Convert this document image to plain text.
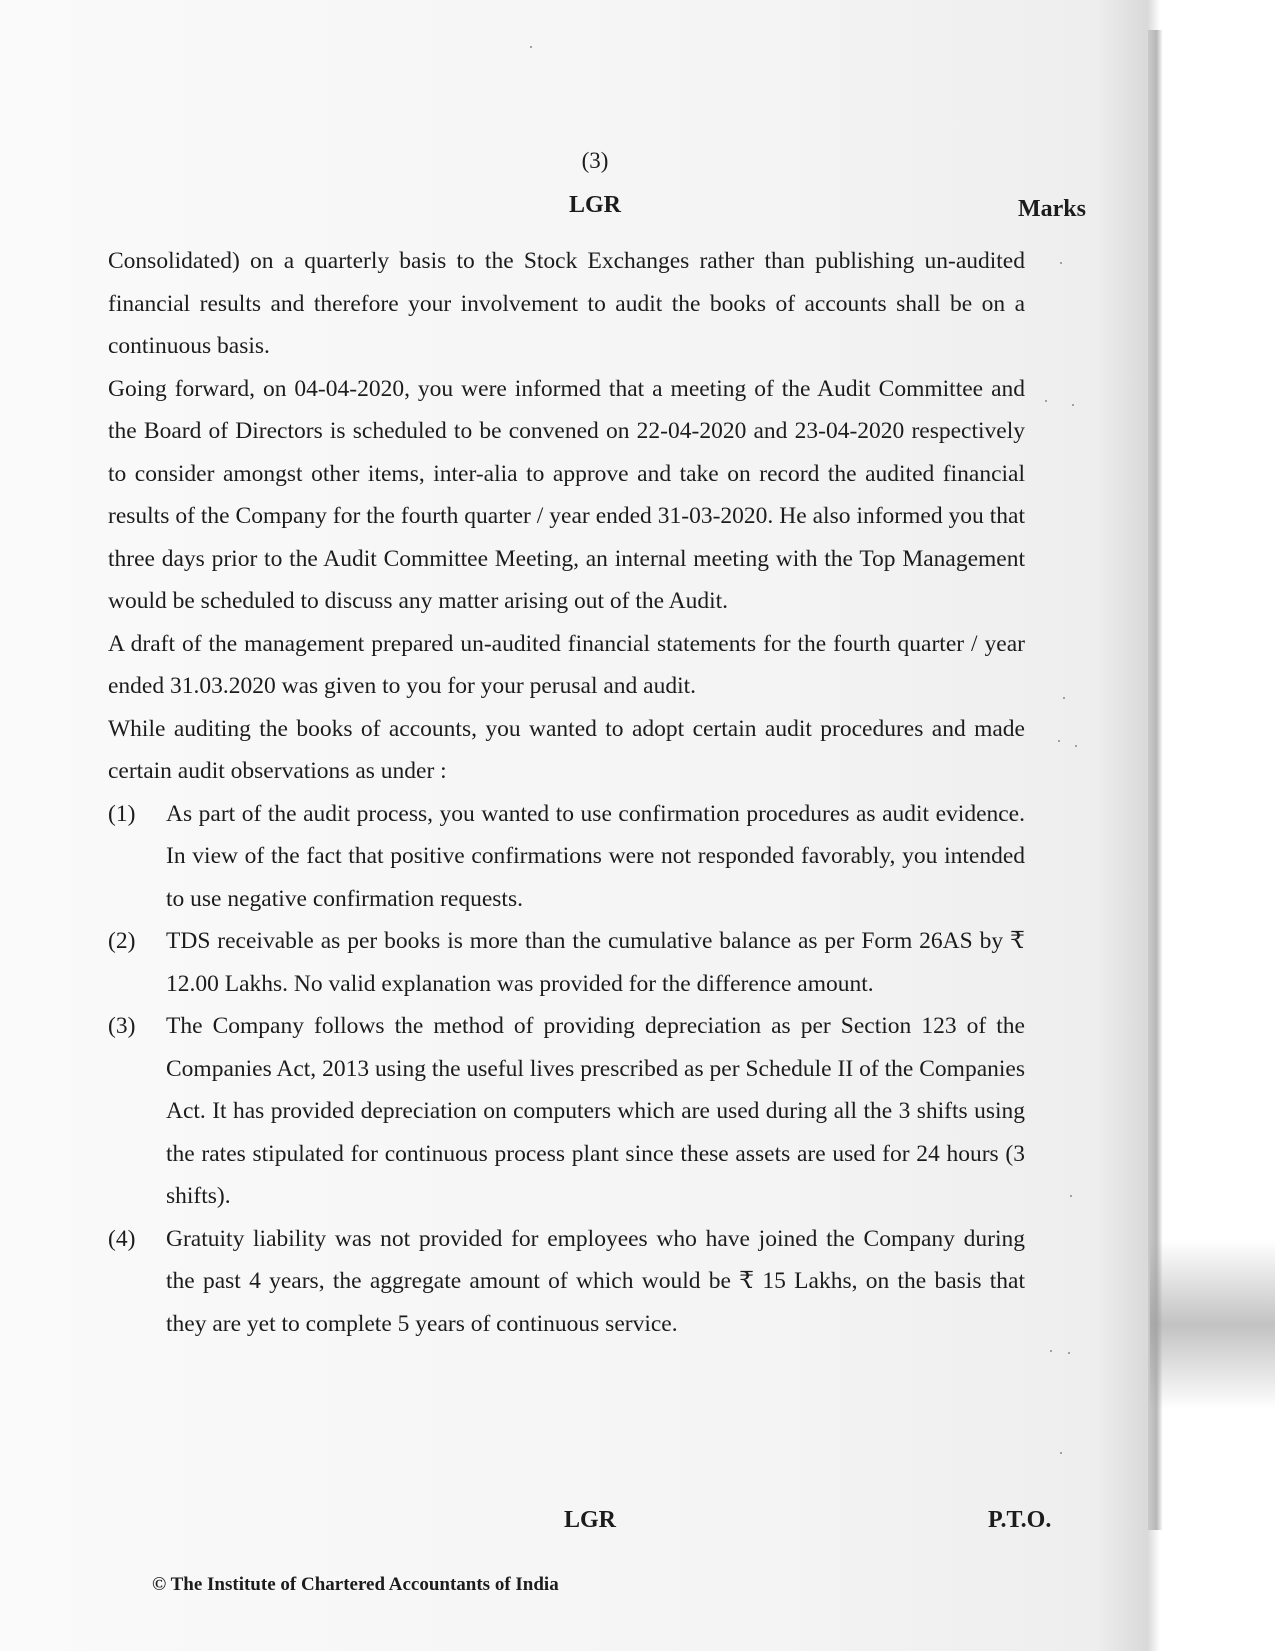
(3)
LGR	Marks

Consolidated) on a quarterly basis to the Stock Exchanges rather than publishing un-audited financial results and therefore your involvement to audit the books of accounts shall be on a continuous basis.

Going forward, on 04-04-2020, you were informed that a meeting of the Audit Committee and the Board of Directors is scheduled to be convened on 22-04-2020 and 23-04-2020 respectively to consider amongst other items, inter-alia to approve and take on record the audited financial results of the Company for the fourth quarter / year ended 31-03-2020. He also informed you that three days prior to the Audit Committee Meeting, an internal meeting with the Top Management would be scheduled to discuss any matter arising out of the Audit.

A draft of the management prepared un-audited financial statements for the fourth quarter / year ended 31.03.2020 was given to you for your perusal and audit.

While auditing the books of accounts, you wanted to adopt certain audit procedures and made certain audit observations as under :

(1)	As part of the audit process, you wanted to use confirmation procedures as audit evidence. In view of the fact that positive confirmations were not responded favorably, you intended to use negative confirmation requests.
(2)	TDS receivable as per books is more than the cumulative balance as per Form 26AS by ₹ 12.00 Lakhs. No valid explanation was provided for the difference amount.
(3)	The Company follows the method of providing depreciation as per Section 123 of the Companies Act, 2013 using the useful lives prescribed as per Schedule II of the Companies Act. It has provided depreciation on computers which are used during all the 3 shifts using the rates stipulated for continuous process plant since these assets are used for 24 hours (3 shifts).
(4)	Gratuity liability was not provided for employees who have joined the Company during the past 4 years, the aggregate amount of which would be ₹ 15 Lakhs, on the basis that they are yet to complete 5 years of continuous service.
LGR	P.T.O.
© The Institute of Chartered Accountants of India
